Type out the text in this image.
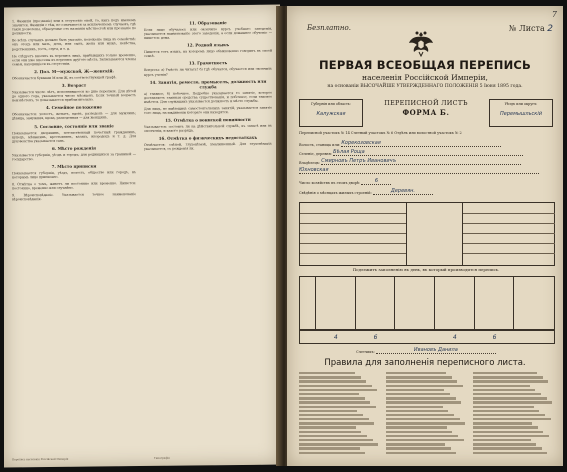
1. Фамилія (прозваніе) или в отсутствіе оной, то, какъ подъ именемъ значится. Фамиліи с тѣм, не означаются за исключеніемъ случаевъ, гдѣ такія дозволены, образуемые отъ названія мѣстностей или прозваніе по должности.
Во всѣхъ случаяхъ должно быть указано, положеніе лица въ семействѣ: онъ отецъ или мать, дочь, или сынъ, жена или мужъ, невѣстка, родственникъ, гость, слуга, и т. д.
Не слѣдуетъ вносить въ перепись лицъ, прибывшихъ только временно, если они уже внесены въ перепись другого мѣста. Записываются члены семьи, находящіеся въ отсутствіи.
2. Пол. М—мужской, Ж—женскій.
Обозначается буквами М или Ж, въ соответствующей графѣ.
3. Возраст
Указывается число лѣтъ, исполнившееся ко дню переписи. Для дѣтей до одного года, указывается число мѣсяцевъ. Если точный возрастъ неизвѣстенъ, то показывается приблизительно.
4. Семейное положение
Обозначается: холостъ, женатъ, вдовъ, разведенъ — для мужчинъ; дѣвица, замужняя, вдова, разведенная — для женщинъ.
5. Сословие, состояніе или званіе
Показывается: дворянинъ, потомственный почетный гражданинъ, купецъ, мѣщанинъ, крестьянинъ, казакъ, инородецъ и т. д. Для духовенства указывается санъ.
6. Мѣсто рожденія
Указывается губернія, уѣздъ и городъ; для родившихся за границей — государство.
7. Мѣсто приписки
Показывается губернія, уѣздъ, волость, общество или городъ, къ которымъ лицо приписано.
8. Отмѣтка о томъ, живетъ ли постоянно или временно. Пишется: постоянно, временно или случайно.
9. Вѣроисповѣданіе. Указывается точное наименованіе вѣроисповѣданія.
11. Образованіе
Если лицо обучалось или окончило курсъ учебнаго заведенія, указывается наименованіе этого заведенія, а если домашнее обученіе — пишется: дома.
12. Родной языкъ
Пишется тотъ языкъ, на которомъ лицо обыкновенно говоритъ въ своей семьѣ.
13. Грамотность
Вопросы: а) Умѣетъ ли читать? б) Гдѣ обучался, обучается или окончилъ курсъ ученія?
14. Занятія, ремесло, промыселъ, должность или служба
а) главное, б) побочное. Подробно указывается то занятіе, которое доставляетъ главныя средства существованія, и побочное, если таковое имѣется. Для служащихъ указывается должность и мѣсто службы.
Для лицъ, не имѣющихъ самостоятельныхъ занятій, указывается занятіе того лица, на иждивеніи котораго они находятся.
15. Отмѣтка о воинской повинности
Указывается: состоитъ ли на дѣйствительной службѣ, въ запасѣ или въ ополченіи, и какого разряда.
16. Отмѣтка о физическихъ недостаткахъ
Отмѣчается: слѣпой, глухонѣмой, умалишенный. Для глухонѣмыхъ указывается, съ рожденія ли.
Перепись населенія Россійской Имперіи	Типографія
7
Безплатно.	№ Листа 2
ПЕРВАЯ ВСЕОБЩАЯ ПЕРЕПИСЬ
населенія Россійской Имперіи,
на основаніи ВЫСОЧАЙШЕ УТВЕРЖДЕННАГО ПОЛОЖЕНІЯ 5 Іюня 1895 года.
Губернія или область:
Калужская
ПЕРЕПИСНОЙ ЛИСТЪ
ФОРМА Б.
Уѣздъ или округъ:
Перемышльскій
Переписной участокъ № 14 Счетный участокъ № 6 Отдѣлъ или волостной участокъ № 2
Волость, станица или: Корекозовская
Селеніе, деревня: Бѣлая Роща
Владѣлецъ: Смирновъ Петръ Ивановичъ
Юхновская
Число хозяйствъ въ этомъ дворѣ:	6
Свѣдѣнія о мѣсяцахъ жилыхъ строеній:	Деревян.
Подлежитъ заполненію въ день, въ который производится перепись.
4	6	4	6
Счетчикъ:	Ивановъ Данила
Правила для заполненія переписного листа.
